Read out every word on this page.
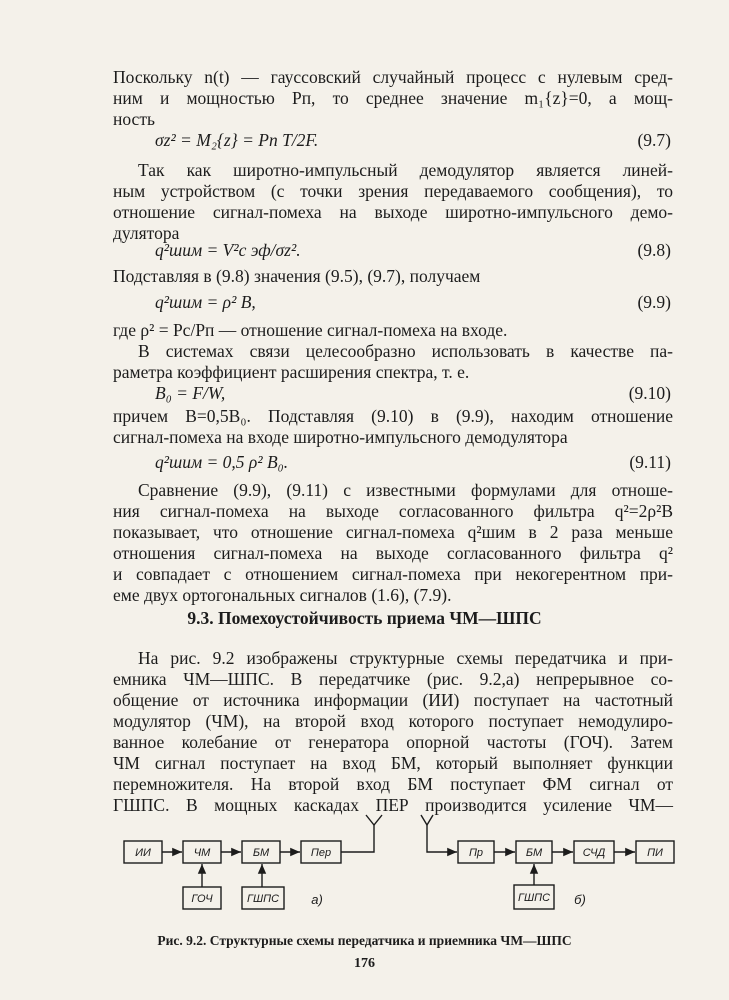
Поскольку n(t) — гауссовский случайный процесс с нулевым сред-
ним и мощностью Pп, то среднее значение m₁{z}=0, а мощ-
ность
σz² = M₂{z} = Pп T/2F.	(9.7)
Так как широтно-импульсный демодулятор является линей-
ным устройством (с точки зрения передаваемого сообщения), то
отношение сигнал-помеха на выходе широтно-импульсного демо-
дулятора
q²шим = V²с эф/σz².	(9.8)
Подставляя в (9.8) значения (9.5), (9.7), получаем
q²шим = ρ² B,	(9.9)
где ρ² = Pс/Pп — отношение сигнал-помеха на входе.
В системах связи целесообразно использовать в качестве па-
раметра коэффициент расширения спектра, т. е.
B₀ = F/W,	(9.10)
причем B=0,5B₀. Подставляя (9.10) в (9.9), находим отношение
сигнал-помеха на входе широтно-импульсного демодулятора
q²шим = 0,5 ρ² B₀.	(9.11)
Сравнение (9.9), (9.11) с известными формулами для отноше-
ния сигнал-помеха на выходе согласованного фильтра q²=2ρ²B
показывает, что отношение сигнал-помеха q²шим в 2 раза меньше
отношения сигнал-помеха на выходе согласованного фильтра q²
и совпадает с отношением сигнал-помеха при некогерентном при-
еме двух ортогональных сигналов (1.6), (7.9).
9.3. Помехоустойчивость приема ЧМ—ШПС
На рис. 9.2 изображены структурные схемы передатчика и при-
емника ЧМ—ШПС. В передатчике (рис. 9.2,а) непрерывное со-
общение от источника информации (ИИ) поступает на частотный
модулятор (ЧМ), на второй вход которого поступает немодулиро-
ванное колебание от генератора опорной частоты (ГОЧ). Затем
ЧМ сигнал поступает на вход БМ, который выполняет функции
перемножителя. На второй вход БМ поступает ФМ сигнал от
ГШПС. В мощных каскадах ПЕР производится усиление ЧМ—
ИИ	ЧМ	БМ	Пер
ГОЧ	ГШПС а)
Пр	БМ	СЧД	ПИ
ГШПС б)
Рис. 9.2. Структурные схемы передатчика и приемника ЧМ—ШПС
176
